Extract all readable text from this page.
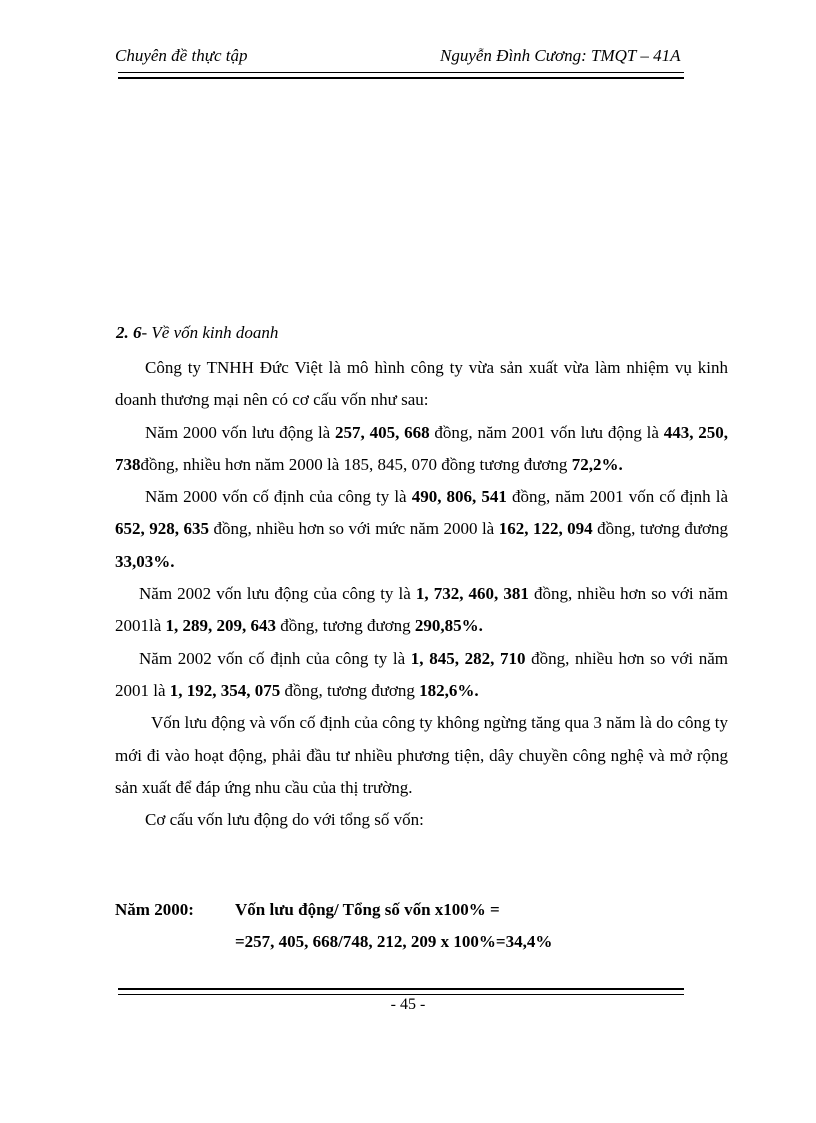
Chuyên đề thực tập	Nguyễn Đình Cương: TMQT – 41A
2. 6- Về vốn kinh doanh

Công ty TNHH Đức Việt là mô hình công ty vừa sản xuất vừa làm nhiệm vụ kinh doanh thương mại nên có cơ cấu vốn như sau:

Năm 2000 vốn lưu động là 257, 405, 668 đồng, năm 2001 vốn lưu động là 443, 250, 738đồng, nhiều hơn năm 2000 là 185, 845, 070 đồng tương đương 72,2%.

Năm 2000 vốn cố định của công ty là 490, 806, 541 đồng, năm 2001 vốn cố định là 652, 928, 635 đồng, nhiều hơn so với mức năm 2000 là 162, 122, 094 đồng, tương đương 33,03%.

Năm 2002 vốn lưu động của công ty là 1, 732, 460, 381 đồng, nhiều hơn so với năm 2001là 1, 289, 209, 643 đồng, tương đương 290,85%.

Năm 2002 vốn cố định của công ty là 1, 845, 282, 710 đồng, nhiều hơn so với năm 2001 là 1, 192, 354, 075 đồng, tương đương 182,6%.

Vốn lưu động và vốn cố định của công ty không ngừng tăng qua 3 năm là do công ty mới đi vào hoạt động, phải đầu tư nhiều phương tiện, dây chuyền công nghệ và mở rộng sản xuất để đáp ứng nhu cầu của thị trường.

Cơ cấu vốn lưu động do với tổng số vốn:

Năm 2000: Vốn lưu động/ Tổng số vốn x100% =
=257, 405, 668/748, 212, 209 x 100%=34,4%
- 45 -
